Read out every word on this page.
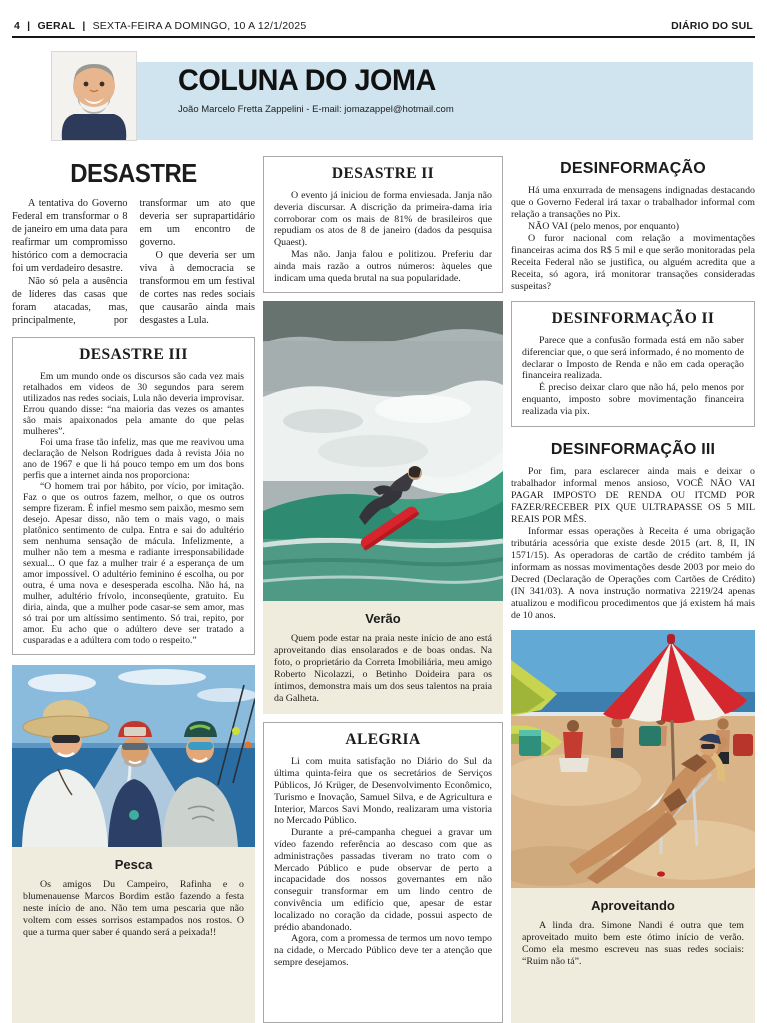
4 | GERAL | SEXTA-FEIRA A DOMINGO, 10 A 12/1/2025	DIÁRIO DO SUL
COLUNA DO JOMA
João Marcelo Fretta Zappelini - E-mail: jomazappel@hotmail.com
DESASTRE

A tentativa do Governo Federal em transformar o 8 de janeiro em uma data para reafirmar um compromisso histórico com a democracia foi um verdadeiro desastre.

Não só pela a ausência de líderes das casas que foram atacadas, mas, principalmente, por transformar um ato que deveria ser suprapartidário em um encontro de governo.

O que deveria ser um viva à democracia se transformou em um festival de cortes nas redes sociais que causarão ainda mais desgastes a Lula.

DESASTRE III

Em um mundo onde os discursos são cada vez mais retalhados em videos de 30 segundos para serem utilizados nas redes sociais, Lula não deveria improvisar. Errou quando disse: “na maioria das vezes os amantes são mais apaixonados pela amante do que pelas mulheres”.

Foi uma frase tão infeliz, mas que me reavivou uma declaração de Nelson Rodrigues dada à revista Jóia no ano de 1967 e que li há pouco tempo em um dos bons perfis que a internet ainda nos proporciona:

“O homem trai por hábito, por vício, por imitação. Faz o que os outros fazem, melhor, o que os outros sempre fizeram. É infiel mesmo sem paixão, mesmo sem desejo. Apesar disso, não tem o mais vago, o mais platônico sentimento de culpa. Entra e sai do adultério sem nenhuma sensação de mácula. Infelizmente, a mulher não tem a mesma e radiante irresponsabilidade sexual... O que faz a mulher trair é a esperança de um amor impossível. O adultério feminino é escolha, ou por outra, é uma nova e desesperada escolha. Não há, na mulher, adultério frívolo, inconseqüente, gratuito. Eu diria, ainda, que a mulher pode casar-se sem amor, mas só trai por um altíssimo sentimento. Só trai, repito, por amor. Eu acho que o adúltero deve ser tratado a cusparadas e a adúltera com todo o respeito.”

Pesca

Os amigos Du Campeiro, Rafinha e o blumenauense Marcos Bordim estão fazendo a festa neste início de ano. Não tem uma pescaria que não voltem com esses sorrisos estampados nos rostos. O que a turma quer saber é quando será a peixada!!

DESASTRE II

O evento já iniciou de forma enviesada. Janja não deveria discursar. A discrição da primeira-dama iria corroborar com os mais de 81% de brasileiros que repudiam os atos de 8 de janeiro (dados da pesquisa Quaest).

Mas não. Janja falou e politizou. Preferiu dar ainda mais razão a outros números: àqueles que indicam uma queda brutal na sua popularidade.

Verão

Quem pode estar na praia neste início de ano está aproveitando dias ensolarados e de boas ondas. Na foto, o proprietário da Correta Imobiliária, meu amigo Roberto Nicolazzi, o Betinho Doideira para os íntimos, demonstra mais um dos seus talentos na praia da Galheta.

ALEGRIA

Li com muita satisfação no Diário do Sul da última quinta-feira que os secretários de Serviços Públicos, Jó Krüger, de Desenvolvimento Econômico, Turismo e Inovação, Samuel Silva, e de Agricultura e Interior, Marcos Savi Mondo, realizaram uma vistoria no Mercado Público.

Durante a pré-campanha cheguei a gravar um vídeo fazendo referência ao descaso com que as administrações passadas tiveram no trato com o Mercado Público e pude observar de perto a incapacidade dos nossos governantes em não conseguir transformar em um lindo centro de convivência um edifício que, apesar de estar localizado no coração da cidade, possui aspecto de prédio abandonado.

Agora, com a promessa de termos um novo tempo na cidade, o Mercado Público deve ter a atenção que sempre desejamos.

DESINFORMAÇÃO

Há uma enxurrada de mensagens indignadas destacando que o Governo Federal irá taxar o trabalhador informal com relação a transações no Pix.

NÃO VAI (pelo menos, por enquanto)

O furor nacional com relação a movimentações financeiras acima dos R$ 5 mil e que serão monitoradas pela Receita Federal não se justifica, ou alguém acredita que a Receita, só agora, irá monitorar transações consideradas suspeitas?

DESINFORMAÇÃO II

Parece que a confusão formada está em não saber diferenciar que, o que será informado, é no momento de declarar o Imposto de Renda e não em cada operação financeira realizada.

É preciso deixar claro que não há, pelo menos por enquanto, imposto sobre movimentação financeira realizada via pix.

DESINFORMAÇÃO III

Por fim, para esclarecer ainda mais e deixar o trabalhador informal menos ansioso, VOCÊ NÃO VAI PAGAR IMPOSTO DE RENDA OU ITCMD POR FAZER/RECEBER PIX QUE ULTRAPASSE OS 5 MIL REAIS POR MÊS.

Informar essas operações à Receita é uma obrigação tributária acessória que existe desde 2015 (art. 8, II, IN 1571/15). As operadoras de cartão de crédito também já informam as nossas movimentações desde 2003 por meio do Decred (Declaração de Operações com Cartões de Crédito) (IN 341/03). A nova instrução normativa 2219/24 apenas atualizou e modificou procedimentos que já existem há mais de 10 anos.

Aproveitando

A linda dra. Simone Nandi é outra que tem aproveitado muito bem este ótimo início de verão. Como ela mesmo escreveu nas suas redes sociais: “Ruim não tá”.
